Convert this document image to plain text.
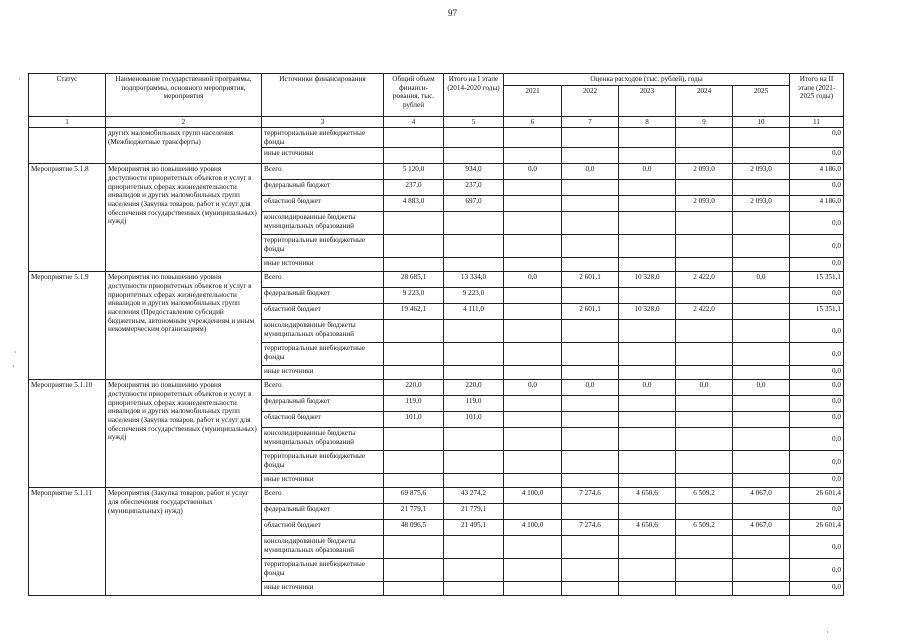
97
Статус	Наименование государственной программы, подпрограммы, основного мероприятия, мероприятия	Источники финансирования	Общий объем финанси-рования, тыс. рублей	Итого на I этапе (2014-2020 годы)	Оценка расходов (тыс. рублей), годы					Итого на II этапе (2021-2025 годы)
					2021	2022	2023	2024	2025	
1	2	3	4	5	6	7	8	9	10	11
	других маломобильных групп населения (Межбюджетные трансферты)	территориальные внебюджетные фонды								0,0
		иные источники								0,0
Мероприятие 5.1.8	Мероприятия по повышению уровня доступности приоритетных объектов и услуг в приоритетных сферах жизнедеятельности инвалидов и других маломобильных групп населения (Закупка товаров, работ и услуг для обеспечения государственных (муниципальных) нужд)	Всего	5 120,0	934,0	0,0	0,0	0,0	2 093,0	2 093,0	4 186,0
		федеральный бюджет	237,0	237,0						0,0
		областной бюджет	4 883,0	697,0				2 093,0	2 093,0	4 186,0
		консолидированные бюджеты муниципальных образований								0,0
		территориальные внебюджетные фонды								0,0
		иные источники								0,0
Мероприятие 5.1.9	Мероприятия по повышению уровня доступности приоритетных объектов и услуг в приоритетных сферах жизнедеятельности инвалидов и других маломобильных групп населения (Предоставление субсидий бюджетным, автономным учреждениям и иным некоммерческим организациям)	Всего	28 685,1	13 334,0	0,0	2 601,1	10 328,0	2 422,0	0,0	15 351,1
		федеральный бюджет	9 223,0	9 223,0						0,0
		областной бюджет	19 462,1	4 111,0		2 601,1	10 328,0	2 422,0		15 351,1
		консолидированные бюджеты муниципальных образований								0,0
		территориальные внебюджетные фонды								0,0
		иные источники								0,0
Мероприятие 5.1.10	Мероприятия по повышению уровня доступности приоритетных объектов и услуг в приоритетных сферах жизнедеятельности инвалидов и других маломобильных групп населения (Закупка товаров, работ и услуг для обеспечения государственных (муниципальных) нужд)	Всего	220,0	220,0	0,0	0,0	0,0	0,0	0,0	0,0
		федеральный бюджет	119,0	119,0						0,0
		областной бюджет	101,0	101,0						0,0
		консолидированные бюджеты муниципальных образований								0,0
		территориальные внебюджетные фонды								0,0
		иные источники								0,0
Мероприятие 5.1.11	Мероприятия (Закупка товаров, работ и услуг для обеспечения государственных (муниципальных) нужд)	Всего	69 875,6	43 274,2	4 100,0	7 274,6	4 650,6	6 509,2	4 067,0	26 601,4
		федеральный бюджет	21 779,1	21 779,1						0,0
		областной бюджет	48 096,5	21 495,1	4 100,0	7 274,6	4 650,6	6 509,2	4 067,0	26 601,4
		консолидированные бюджеты муниципальных образований								0,0
		территориальные внебюджетные фонды								0,0
		иные источники								0,0
·
·
·
·
